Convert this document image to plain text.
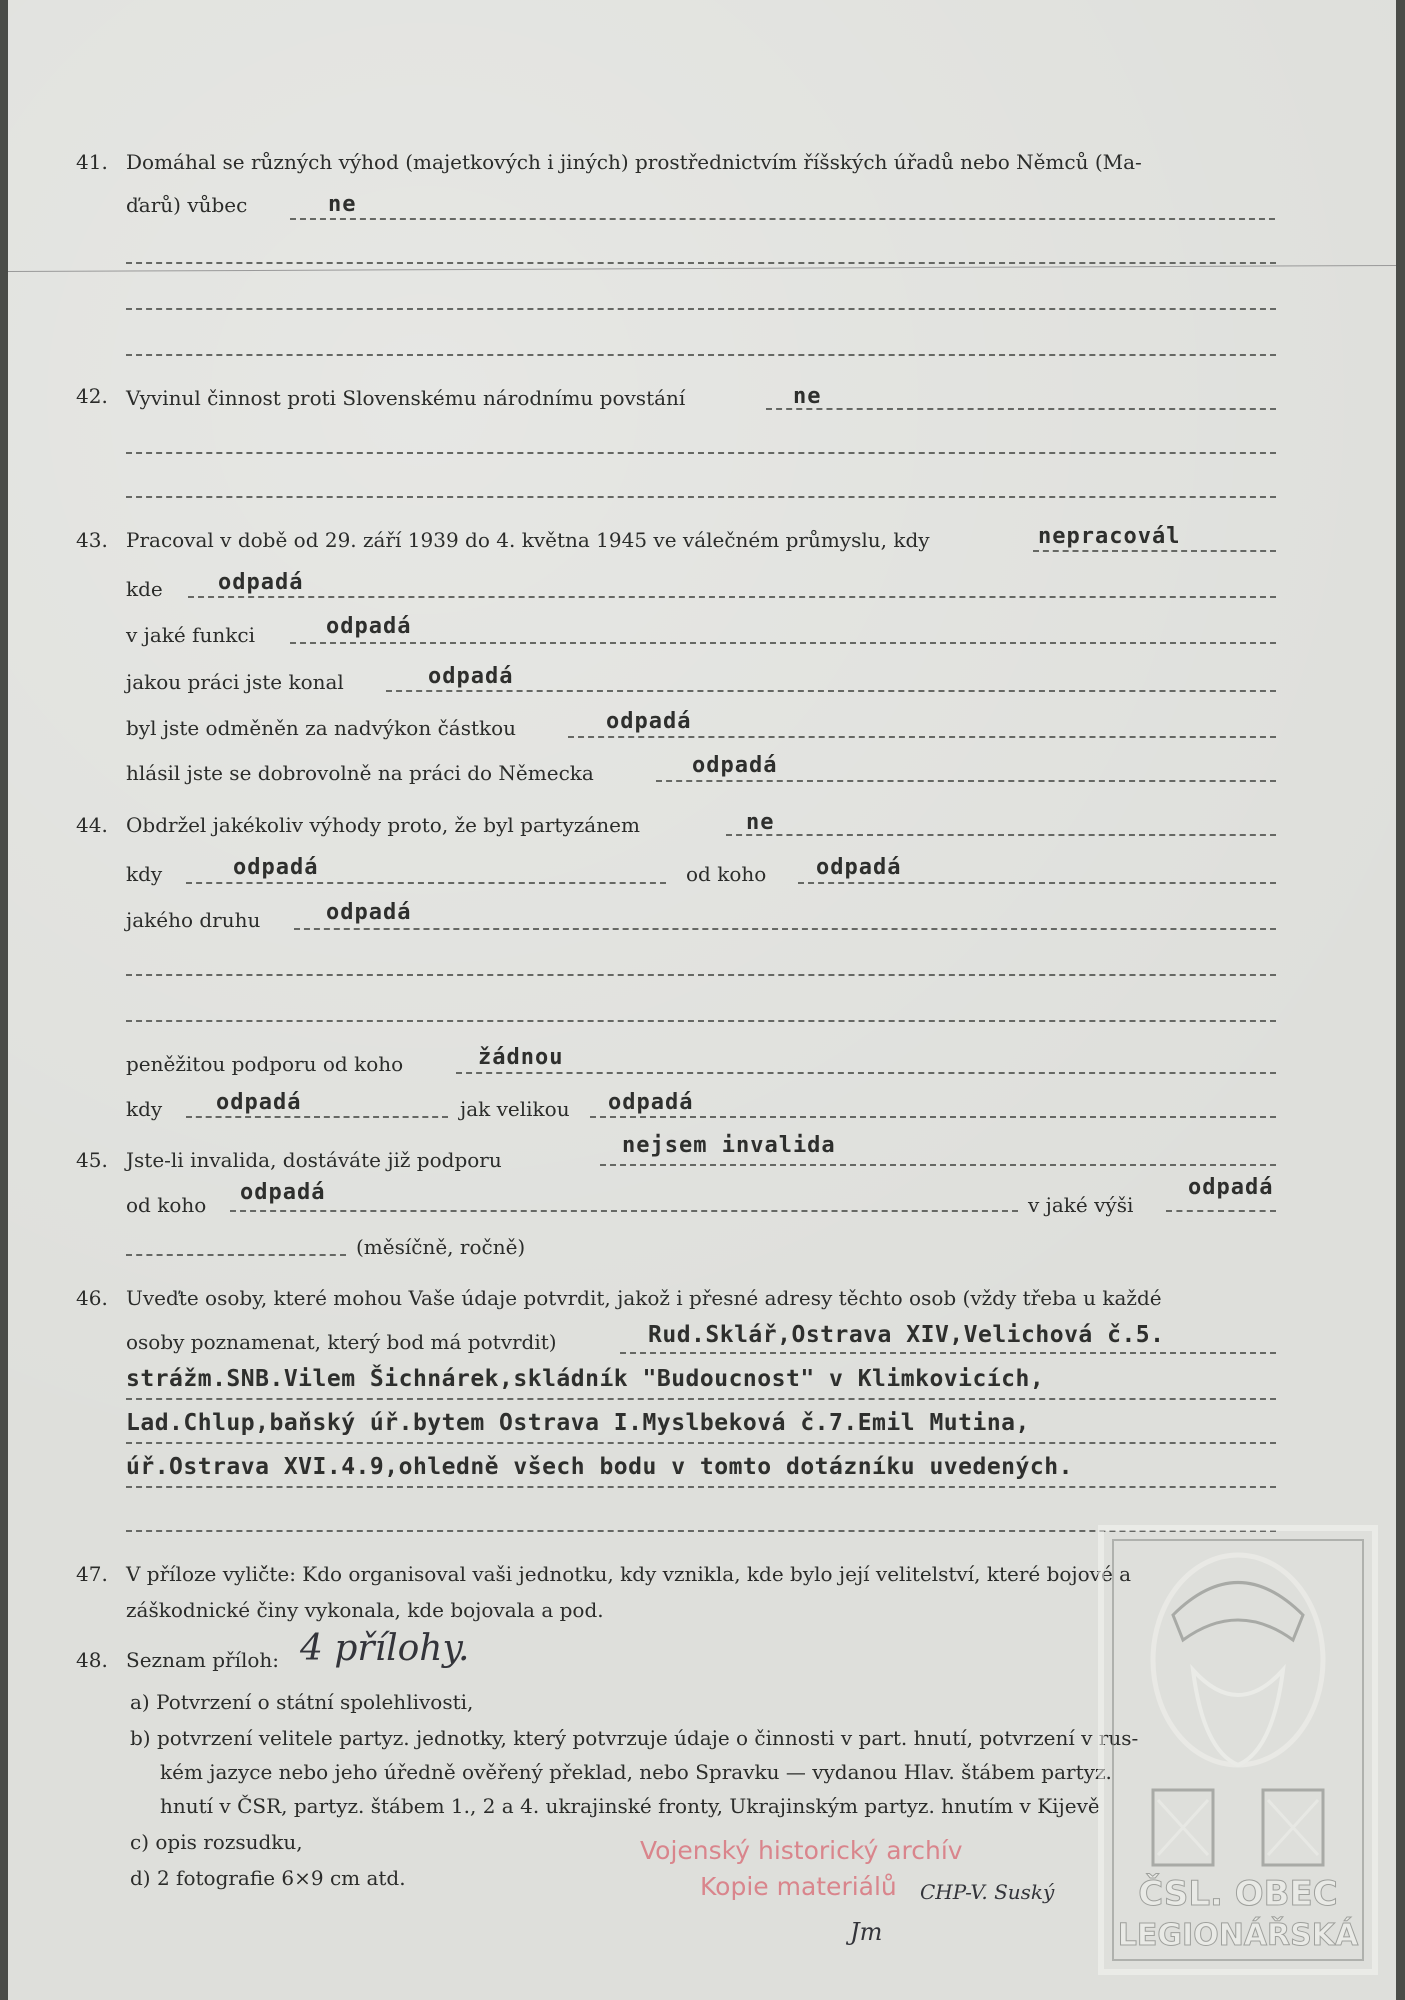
41. Domáhal se různých výhod (majetkových i jiných) prostřednictvím říšských úřadů nebo Němců (Ma-
ďarů) vůbec	ne
42. Vyvinul činnost proti Slovenskému národnímu povstání	ne
43. Pracoval v době od 29. září 1939 do 4. května 1945 ve válečném průmyslu, kdy	nepracovál
kde	odpadá
v jaké funkci	odpadá
jakou práci jste konal	odpadá
byl jste odměněn za nadvýkon částkou	odpadá
hlásil jste se dobrovolně na práci do Německa	odpadá
44. Obdržel jakékoliv výhody proto, že byl partyzánem	ne
kdy	odpadá	od koho odpadá
jakého druhu	odpadá
peněžitou podporu od koho	žádnou
kdy odpadá	jak velikou odpadá
45. Jste-li invalida, dostáváte již podporu
nejsem invalida
od koho odpadá	v jaké výši
odpadá
(měsíčně, ročně)
46. Uveďte osoby, které mohou Vaše údaje potvrdit, jakož i přesné adresy těchto osob (vždy třeba u každé
osoby poznamenat, který bod má potvrdit)	Rud.Sklář,Ostrava XIV,Velichová č.5.
strážm.SNB.Vilem Šichnárek,skládník "Budoucnost" v Klimkovicích,
Lad.Chlup,baňský úř.bytem Ostrava I.Myslbeková č.7.Emil Mutina,
úř.Ostrava XVI.4.9,ohledně všech bodu v tomto dotázníku uvedených.
47. V příloze vylič̌te: Kdo organisoval vaši jednotku, kdy vznikla, kde bylo její velitelství, které bojové a
záškodnické činy vykonala, kde bojovala a pod.
48. Seznam příloh: 4 přílohy.
a) Potvrzení o státní spolehlivosti,
b) potvrzení velitele partyz. jednotky, který potvrzuje údaje o činnosti v part. hnutí, potvrzení v rus-
kém jazyce nebo jeho úředně ověřený překlad, nebo Spravku — vydanou Hlav. štábem partyz.
hnutí v ČSR, partyz. štábem 1., 2 a 4. ukrajinské fronty, Ukrajinským partyz. hnutím v Kijevě
c) opis rozsudku,
d) 2 fotografie 6×9 cm atd.
Vojenský historický archív
Kopie materiálů CHP-V. Suský
Jm
ČSL. OBEC
LEGIONÁŘSKÁ
